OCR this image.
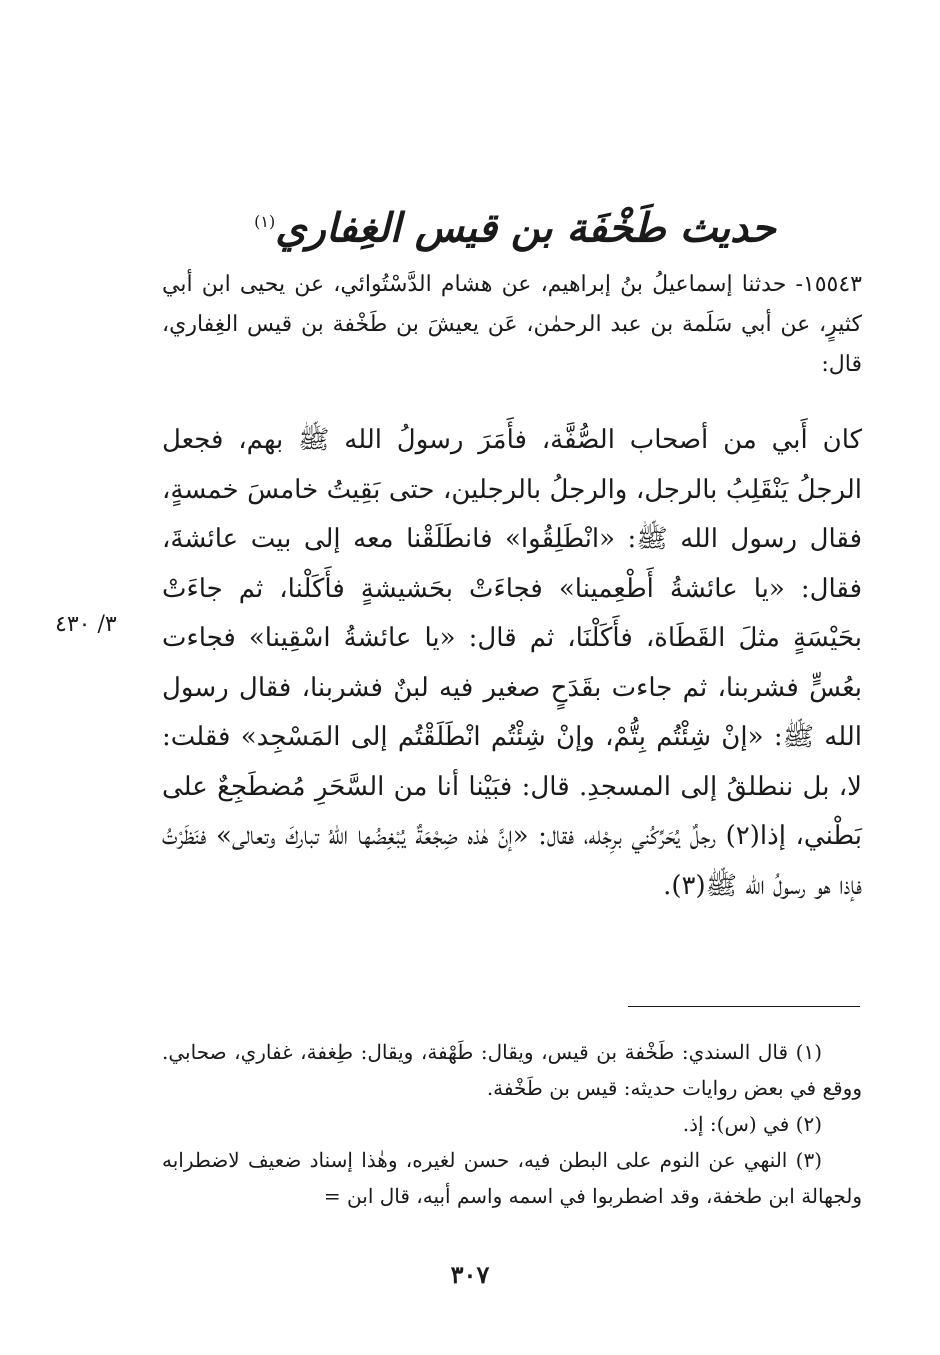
حديث طَخْفَة بن قيس الغِفاري$^{(١)}$

١٥٥٤٣- حدثنا إسماعيلُ بنُ إبراهيم، عن هشام الدَّسْتُوائي، عن يحيى ابن أبي كثيرٍ، عن أبي سَلَمة بن عبد الرحمٰن، عَن يعيشَ بن طَخْفة بن قيس الغِفاري، قال:

كان أَبي من أصحاب الصُّفَّة، فأَمَرَ رسولُ الله ﷺ بهم، فجعل الرجلُ يَنْقَلِبُ بالرجل، والرجلُ بالرجلين، حتى بَقِيتُ خامسَ خمسةٍ، فقال رسول الله ﷺ: «انْطَلِقُوا» فانطَلَقْنا معه إلى بيت عائشةَ، فقال: «يا عائشةُ أَطْعِمينا» فجاءَتْ بحَشيشةٍ فأَكَلْنا، ثم جاءَتْ بحَيْسَةٍ مثلَ القَطَاة، فأَكَلْنَا، ثم قال: «يا عائشةُ اسْقِينا» فجاءت بعُسٍّ فشربنا، ثم جاءت بقَدَحٍ صغير فيه لبنٌ فشربنا، فقال رسول الله ﷺ: «إنْ شِئْتُم بِتُّمْ، وإنْ شِئْتُم انْطَلَقْتُم إلى المَسْجِد» فقلت: لا، بل ننطلقُ إلى المسجدِ. قال: فبَيْنا أنا من السَّحَرِ مُضطَجِعٌ على بَطْني، إذا(٢) رجلٌ يُحَرِّكُني برِجْله، فقال: «إنَّ هٰذه ضِجْعَةٌ يُبْغِضُها اللهُ تباركَ وتعالى» فنَظَرْتُ فإذا هو رسولُ الله ﷺ(٣).

٣/ ٤٣٠

(١) قال السندي: طَخْفة بن قيس، ويقال: طَهْفة، ويقال: طِغفة، غفاري، صحابي. ووقع في بعض روايات حديثه: قيس بن طَخْفة.

(٢) في (س): إذ.

(٣) النهي عن النوم على البطن فيه، حسن لغيره، وهٰذا إسناد ضعيف لاضطرابه ولجهالة ابن طخفة، وقد اضطربوا في اسمه واسم أبيه، قال ابن =

٣٠٧
